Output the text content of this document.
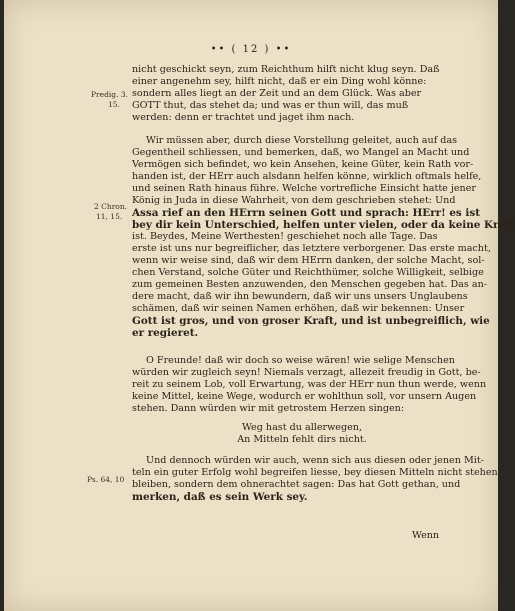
•• ( 12 ) ••
Predig. 3.
15.
2 Chron.
11, 15.
Ps. 64, 10
nicht geschickt seyn, zum Reichthum hilft nicht klug seyn. Daß
einer angenehm sey, hilft nicht, daß er ein Ding wohl könne:
sondern alles liegt an der Zeit und an dem Glück. Was aber
GOTT thut, das stehet da; und was er thun will, das muß
werden: denn er trachtet und jaget ihm nach.
Wir müssen aber, durch diese Vorstellung geleitet, auch auf das
Gegentheil schliessen, und bemerken, daß, wo Mangel an Macht und
Vermögen sich befindet, wo kein Ansehen, keine Güter, kein Rath vor-
handen ist, der HErr auch alsdann helfen könne, wirklich oftmals helfe,
und seinen Rath hinaus führe. Welche vortrefliche Einsicht hatte jener
König in Juda in diese Wahrheit, von dem geschrieben stehet: Und
Assa rief an den HErrn seinen Gott und sprach: HErr! es ist
bey dir kein Unterschied, helfen unter vielen, oder da keine Kraft
ist. Beydes, Meine Werthesten! geschiehet noch alle Tage. Das
erste ist uns nur begreiflicher, das letztere verborgener. Das erste macht,
wenn wir weise sind, daß wir dem HErrn danken, der solche Macht, sol-
chen Verstand, solche Güter und Reichthümer, solche Willigkeit, selbige
zum gemeinen Besten anzuwenden, den Menschen gegeben hat. Das an-
dere macht, daß wir ihn bewundern, daß wir uns unsers Unglaubens
schämen, daß wir seinen Namen erhöhen, daß wir bekennen: Unser
Gott ist gros, und von groser Kraft, und ist unbegreiflich, wie
er regieret.
O Freunde! daß wir doch so weise wären! wie selige Menschen
würden wir zugleich seyn! Niemals verzagt, allezeit freudig in Gott, be-
reit zu seinem Lob, voll Erwartung, was der HErr nun thun werde, wenn
keine Mittel, keine Wege, wodurch er wohlthun soll, vor unsern Augen
stehen. Dann würden wir mit getrostem Herzen singen:
Weg hast du allerwegen,
An Mitteln fehlt dirs nicht.
Und dennoch würden wir auch, wenn sich aus diesen oder jenen Mit-
teln ein guter Erfolg wohl begreifen liesse, bey diesen Mitteln nicht stehen
bleiben, sondern dem ohnerachtet sagen: Das hat Gott gethan, und
merken, daß es sein Werk sey.
Wenn
